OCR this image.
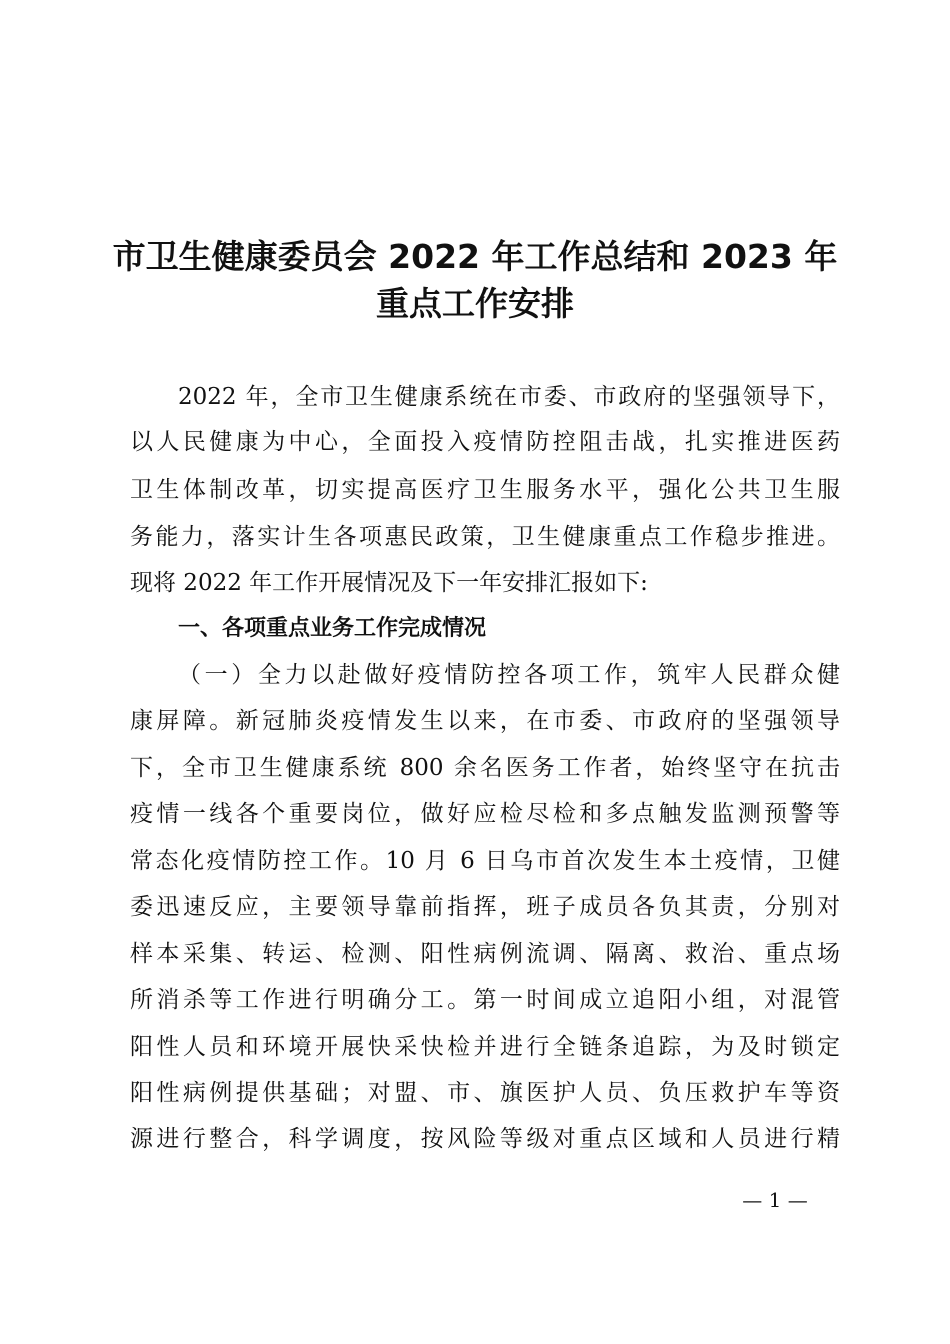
市卫生健康委员会 2022 年工作总结和 2023 年
重点工作安排
2022 年，全市卫生健康系统在市委、市政府的坚强领导下，
以人民健康为中心，全面投入疫情防控阻击战，扎实推进医药
卫生体制改革，切实提高医疗卫生服务水平，强化公共卫生服
务能力，落实计生各项惠民政策，卫生健康重点工作稳步推进。
现将 2022 年工作开展情况及下一年安排汇报如下:
一、各项重点业务工作完成情况
（一）全力以赴做好疫情防控各项工作，筑牢人民群众健
康屏障。新冠肺炎疫情发生以来，在市委、市政府的坚强领导
下，全市卫生健康系统 800 余名医务工作者，始终坚守在抗击
疫情一线各个重要岗位，做好应检尽检和多点触发监测预警等
常态化疫情防控工作。10 月 6 日乌市首次发生本土疫情，卫健
委迅速反应，主要领导靠前指挥，班子成员各负其责，分别对
样本采集、转运、检测、阳性病例流调、隔离、救治、重点场
所消杀等工作进行明确分工。第一时间成立追阳小组，对混管
阳性人员和环境开展快采快检并进行全链条追踪，为及时锁定
阳性病例提供基础；对盟、市、旗医护人员、负压救护车等资
源进行整合，科学调度，按风险等级对重点区域和人员进行精
— 1 —
